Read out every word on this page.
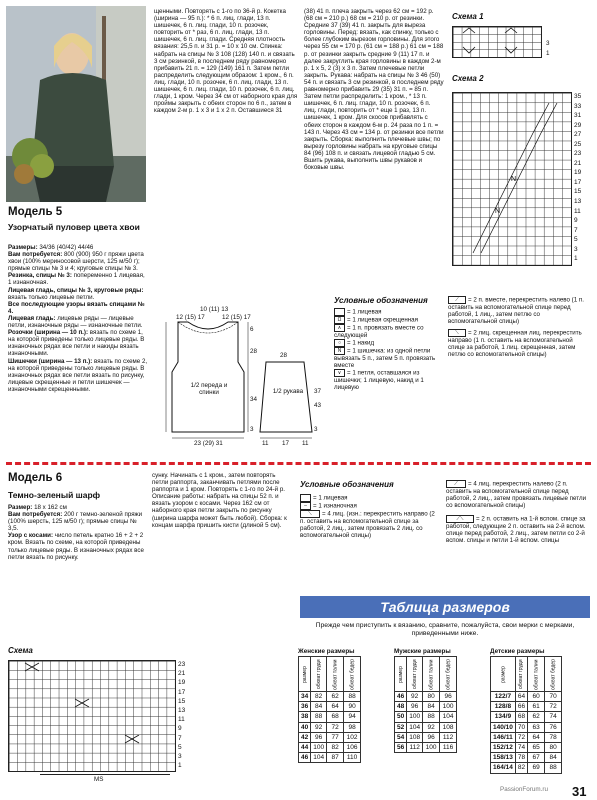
Модель 5
Узорчатый пуловер цвета хвои
Размеры: 34/36 (40/42) 44/46
Вам потребуется: 800 (900) 950 г пряжи цвета хвои (100% мериносовой шерсти, 125 м/50 г); прямые спицы № 3 и 4; круговые спицы № 3.
Резинка, спицы № 3: попеременно 1 лицевая, 1 изнаночная.
Лицевая гладь, спицы № 3, круговые ряды: вязать только лицевые петли.
Все последующие узоры вязать спицами № 4.
Лицевая гладь: лицевые ряды — лицевые петли, изнаночные ряды — изнаночные петли.
Розочки (ширина — 10 п.): вязать по схеме 1, на которой приведены только лицевые ряды. В изнаночных рядах все петли и накиды вязать изнаночными.
Шишечки (ширина — 13 п.): вязать по схеме 2, на которой приведены только лицевые ряды. В изнаночных рядах все петли вязать по рисунку, лицевые скрещенные и петли шишечек — изнаночными скрещенными.
щенными. Повторять с 1-го по 36-й р. Кокетка (ширина — 95 п.): * 6 п. лиц. глади, 13 п. шишечек, 6 п. лиц. глади, 10 п. розочек, повторить от * раз, 6 п. лиц. глади, 13 п. шишечек, 6 п. лиц. глади. Средняя плотность вязания: 25,5 п. и 31 р. = 10 х 10 см. Спинка: набрать на спицы № 3 108 (128) 140 п. и связать 3 см резинкой, в последнем ряду равномерно прибавить 21 п. = 129 (149) 161 п. Затем петли распределить следующим образом: 1 кром., 6 п. лиц. глади, 10 п. розочек, 6 п. лиц. глади, 13 п. шишечек, 6 п. лиц. глади, 10 п. розочек, 6 п. лиц. глади, 1 кром. Через 34 см от наборного края для проймы закрыть с обеих сторон по 6 п., затем в каждом 2-м р. 1 х 3 и 1 х 2 п. Оставшиеся 31
(38) 41 п. плеча закрыть через 62 см = 192 р. (68 см = 210 р.) 68 см = 210 р. от резинки. Средние 37 (39) 41 п. закрыть для выреза горловины. Перед: вязать, как спинку, только с более глубоким вырезом горловины. Для этого через 55 см = 170 р. (61 см = 188 р.) 61 см = 188 р. от резинки закрыть средние 9 (11) 17 п. и далее закруглить края горловины в каждом 2-м р. 1 х 5, 2 (3) х 3 п. Затем плечевые петли закрыть. Рукава: набрать на спицы № 3 46 (50) 54 п. и связать 3 см резинкой, в последнем ряду равномерно прибавить 29 (35) 31 п. = 85 п. Затем петли распределить: 1 кром., * 13 п. шишечек, 6 п. лиц. глади, 10 п. розочек, 6 п. лиц. глади, повторить от * еще 1 раз, 13 п. шишечек, 1 кром. Для скосов прибавлять с обеих сторон в каждом 6-м р. 24 раза по 1 п. = 143 п. Через 43 см = 134 р. от резинки все петли закрыть. Сборка: выполнить плечевые швы; по вырезу горловины набрать на круговые спицы 84 (96) 108 п. и связать лицевой гладью 5 см. Вшить рукава, выполнить швы рукавов и боковые швы.
Схема 1
3
1
Схема 2
N
N
35
33
31
29
27
25
23
21
19
17
15
13
11
9
7
5
3
1
1/2 переда и спинки	1/2 рукава
12 (15) 17
10 (11) 13
12 (15) 17
6
28
34
3
23 (29) 31
28
37
43
3
11 17 11
Условные обозначения
= 1 лицевая
Ω = 1 лицевая скрещенная
∧ = 1 п. провязать вместе со следующей
○ = 1 накид
N = 1 шишечка: из одной петли вывязать 5 п., затем 5 п. провязать вместе
∨ = 1 петля, оставшаяся из шишечки; 1 лицевую, накид и 1 лицевую
⟋ = 2 п. вместе, перекрестить налево (1 п. оставить на вспомогательной спице перед работой, 1 лиц., затем петлю со вспомогательной спицы)
⟍ = 2 лиц. скрещенная лиц. перекрестить направо (1 п. оставить на вспомогательной спице за работой, 1 лиц. скрещенная, затем петлю со вспомогательной спицы)
Модель 6
Темно-зеленый шарф
Размер: 18 х 162 см
Вам потребуется: 200 г темно-зеленой пряжи (100% шерсть, 125 м/50 г); прямые спицы № 3,5.
Узор с косами: число петель кратно 16 + 2 + 2 кром. Вязать по схеме, на которой приведены только лицевые ряды. В изнаночных рядах все петли вязать по рисунку.
сунку. Начинать с 1 кром., затем повторять петли раппорта, заканчивать петлями после раппорта и 1 кром. Повторять с 1-го по 24-й р. Описание работы: набрать на спицы 52 п. и вязать узором с косами. Через 162 см от наборного края петли закрыть по рисунку (ширина шарфа может быть любой). Сборка: к концам шарфа пришить кисти (длиной 5 см).
Условные обозначения
= 1 лицевая
– = 1 изнаночная
⟍ = 4 лиц. (изн.: перекрестить направо (2 п. оставить на вспомогательной спице за работой, 2 лиц., затем провязать 2 лиц. со вспомогательной спицы)
⟋ = 4 лиц. перекрестить налево (2 п. оставить на вспомогательной спице перед работой, 2 лиц., затем провязать лицевые петли со вспомогательной спицы)
⟋⟍ = 2 п. оставить на 1-й вспом. спице за работой, следующие 2 п. оставить на 2-й вспом. спице перед работой, 2 лиц., затем петли со 2-й вспом. спицы и петли 1-й вспом. спицы
Таблица размеров
Прежде чем приступить к вязанию, сравните, пожалуйста, свои мерки с мерками, приведенными ниже.
Схема
23
21
19
17
15
13
11
9
7
5
3
1
MS
Женские размеры
размер	обхват груди	обхват талии	обхват бедер
34	82	62	88
36	84	64	90
38	88	68	94
40	92	72	98
42	96	77	102
44	100	82	106
46	104	87	110
Мужские размеры
размер	обхват груди	обхват талии	обхват бедер
46	92	80	96
48	96	84	100
50	100	88	104
52	104	92	108
54	108	96	112
56	112	100	116
Детские размеры
размер	обхват груди	обхват талии	обхват бедер
122/7	64	60	70
128/8	66	61	72
134/9	68	62	74
140/10	70	63	76
146/11	72	64	78
152/12	74	65	80
158/13	78	67	84
164/14	82	69	88
PassionForum.ru 31
